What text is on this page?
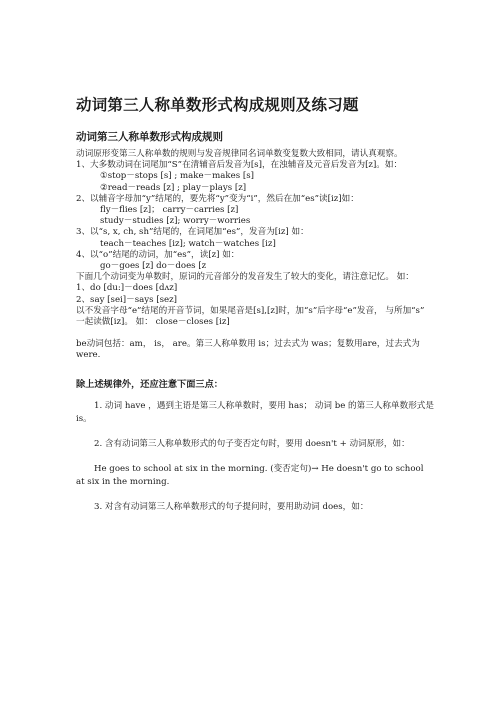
动词第三人称单数形式构成规则及练习题
动词第三人称单数形式构成规则

动词原形变第三人称单数的规则与发音规律同名词单数变复数大致相同，请认真观察。

1、大多数动词在词尾加“S”在清辅音后发音为[s]，在浊辅音及元音后发音为[z]。如：

①stop－stops [s] ; make－makes [s]

②read－reads [z] ; play－plays [z]

2、以辅音字母加“y”结尾的，要先将“y”变为“i”，然后在加“es”读[iz]如：

fly－flies [z]； carry－carries [z]

study－studies [z]; worry－worries

3、以“s, x, ch, sh”结尾的，在词尾加“es”，发音为[iz] 如：

teach－teaches [iz]; watch－watches [iz]

4、以“o”结尾的动词，加“es”，读[z] 如：

go－goes [z] do－does [z

下面几个动词变为单数时，原词的元音部分的发音发生了较大的变化，请注意记忆。 如：

1、do [du:]－does [dʌz]

2、say [sei]－says [sez]

以不发音字母“e”结尾的开音节词，如果尾音是[s],[z]时，加“s”后字母“e”发音， 与所加“s”

一起读做[iz]。 如： close－closes [iz]

be动词包括：am， is， are。第三人称单数用 is；过去式为 was；复数用are，过去式为were.

除上述规律外，还应注意下面三点：

1. 动词 have ，遇到主语是第三人称单数时，要用 has； 动词 be 的第三人称单数形式是is。

2. 含有动词第三人称单数形式的句子变否定句时，要用 doesn't + 动词原形，如：

He goes to school at six in the morning. (变否定句)→ He doesn't go to school at six in the morning.

3. 对含有动词第三人称单数形式的句子提问时，要用助动词 does，如：
